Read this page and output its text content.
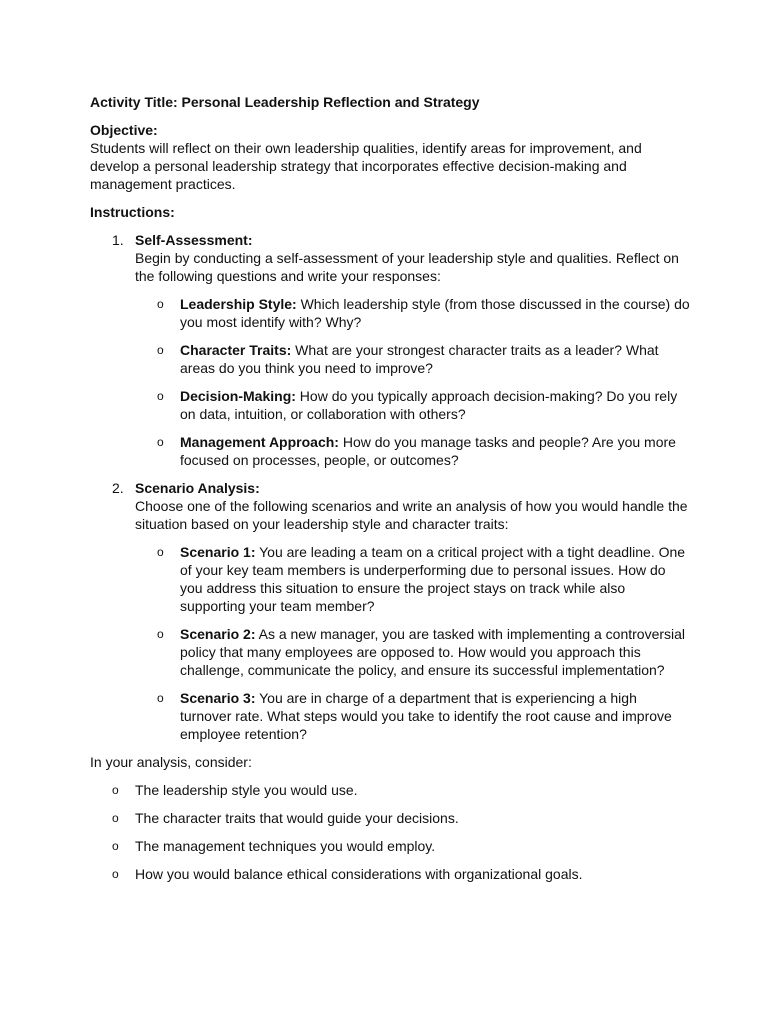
Activity Title: Personal Leadership Reflection and Strategy

Objective:

Students will reflect on their own leadership qualities, identify areas for improvement, and develop a personal leadership strategy that incorporates effective decision-making and management practices.

Instructions:

1. Self-Assessment:

Begin by conducting a self-assessment of your leadership style and qualities. Reflect on the following questions and write your responses:

o Leadership Style: Which leadership style (from those discussed in the course) do you most identify with? Why?
o Character Traits: What are your strongest character traits as a leader? What areas do you think you need to improve?
o Decision-Making: How do you typically approach decision-making? Do you rely on data, intuition, or collaboration with others?
o Management Approach: How do you manage tasks and people? Are you more focused on processes, people, or outcomes?
2. Scenario Analysis:

Choose one of the following scenarios and write an analysis of how you would handle the situation based on your leadership style and character traits:

o Scenario 1: You are leading a team on a critical project with a tight deadline. One of your key team members is underperforming due to personal issues. How do you address this situation to ensure the project stays on track while also supporting your team member?
o Scenario 2: As a new manager, you are tasked with implementing a controversial policy that many employees are opposed to. How would you approach this challenge, communicate the policy, and ensure its successful implementation?
o Scenario 3: You are in charge of a department that is experiencing a high turnover rate. What steps would you take to identify the root cause and improve employee retention?

In your analysis, consider:

o The leadership style you would use.
o The character traits that would guide your decisions.
o The management techniques you would employ.
o How you would balance ethical considerations with organizational goals.
